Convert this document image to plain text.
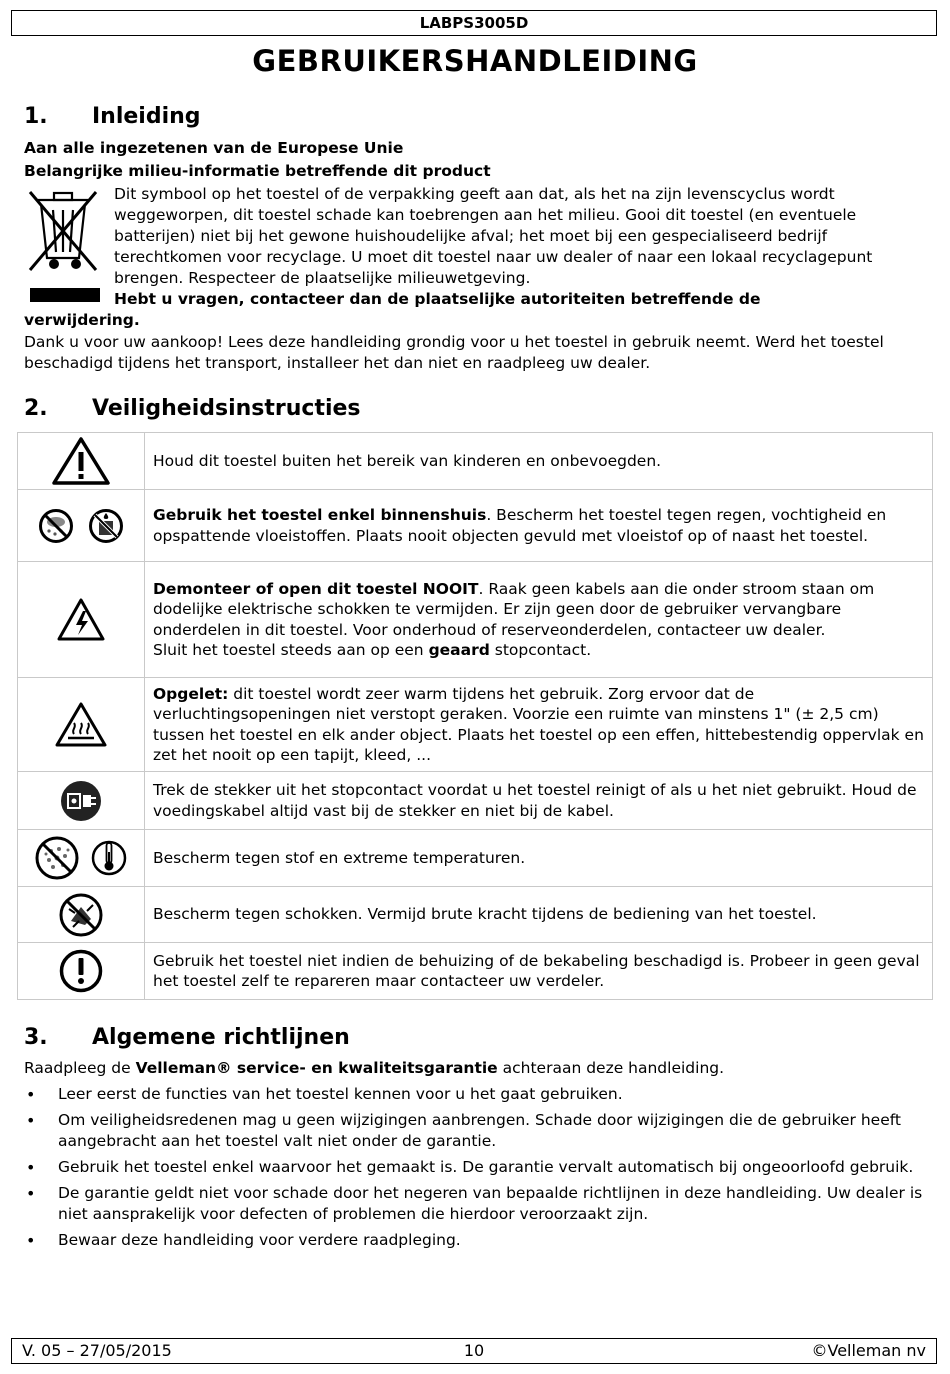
LABPS3005D
GEBRUIKERSHANDLEIDING
1. Inleiding
Aan alle ingezetenen van de Europese Unie
Belangrijke milieu-informatie betreffende dit product
Dit symbool op het toestel of de verpakking geeft aan dat, als het na zijn levenscyclus wordt weggeworpen, dit toestel schade kan toebrengen aan het milieu. Gooi dit toestel (en eventuele batterijen) niet bij het gewone huishoudelijke afval; het moet bij een gespecialiseerd bedrijf terechtkomen voor recyclage. U moet dit toestel naar uw dealer of naar een lokaal recyclagepunt brengen. Respecteer de plaatselijke milieuwetgeving.
Hebt u vragen, contacteer dan de plaatselijke autoriteiten betreffende de
verwijdering.
Dank u voor uw aankoop! Lees deze handleiding grondig voor u het toestel in gebruik neemt. Werd het toestel beschadigd tijdens het transport, installeer het dan niet en raadpleeg uw dealer.
2. Veiligheidsinstructies
	Houd dit toestel buiten het bereik van kinderen en onbevoegden.
	Gebruik het toestel enkel binnenshuis. Bescherm het toestel tegen regen, vochtigheid en opspattende vloeistoffen. Plaats nooit objecten gevuld met vloeistof op of naast het toestel.
	Demonteer of open dit toestel NOOIT. Raak geen kabels aan die onder stroom staan om dodelijke elektrische schokken te vermijden. Er zijn geen door de gebruiker vervangbare onderdelen in dit toestel. Voor onderhoud of reserveonderdelen, contacteer uw dealer.
Sluit het toestel steeds aan op een geaard stopcontact.
	Opgelet: dit toestel wordt zeer warm tijdens het gebruik. Zorg ervoor dat de verluchtingsopeningen niet verstopt geraken. Voorzie een ruimte van minstens 1" (± 2,5 cm) tussen het toestel en elk ander object. Plaats het toestel op een effen, hittebestendig oppervlak en zet het nooit op een tapijt, kleed, ...
	Trek de stekker uit het stopcontact voordat u het toestel reinigt of als u het niet gebruikt. Houd de voedingskabel altijd vast bij de stekker en niet bij de kabel.
	Bescherm tegen stof en extreme temperaturen.
	Bescherm tegen schokken. Vermijd brute kracht tijdens de bediening van het toestel.
	Gebruik het toestel niet indien de behuizing of de bekabeling beschadigd is. Probeer in geen geval het toestel zelf te repareren maar contacteer uw verdeler.
3. Algemene richtlijnen
Raadpleeg de Velleman® service- en kwaliteitsgarantie achteraan deze handleiding.
• Leer eerst de functies van het toestel kennen voor u het gaat gebruiken.
• Om veiligheidsredenen mag u geen wijzigingen aanbrengen. Schade door wijzigingen die de gebruiker heeft aangebracht aan het toestel valt niet onder de garantie.
• Gebruik het toestel enkel waarvoor het gemaakt is. De garantie vervalt automatisch bij ongeoorloofd gebruik.
• De garantie geldt niet voor schade door het negeren van bepaalde richtlijnen in deze handleiding. Uw dealer is niet aansprakelijk voor defecten of problemen die hierdoor veroorzaakt zijn.
• Bewaar deze handleiding voor verdere raadpleging.
V. 05 – 27/05/2015	10	©Velleman nv
